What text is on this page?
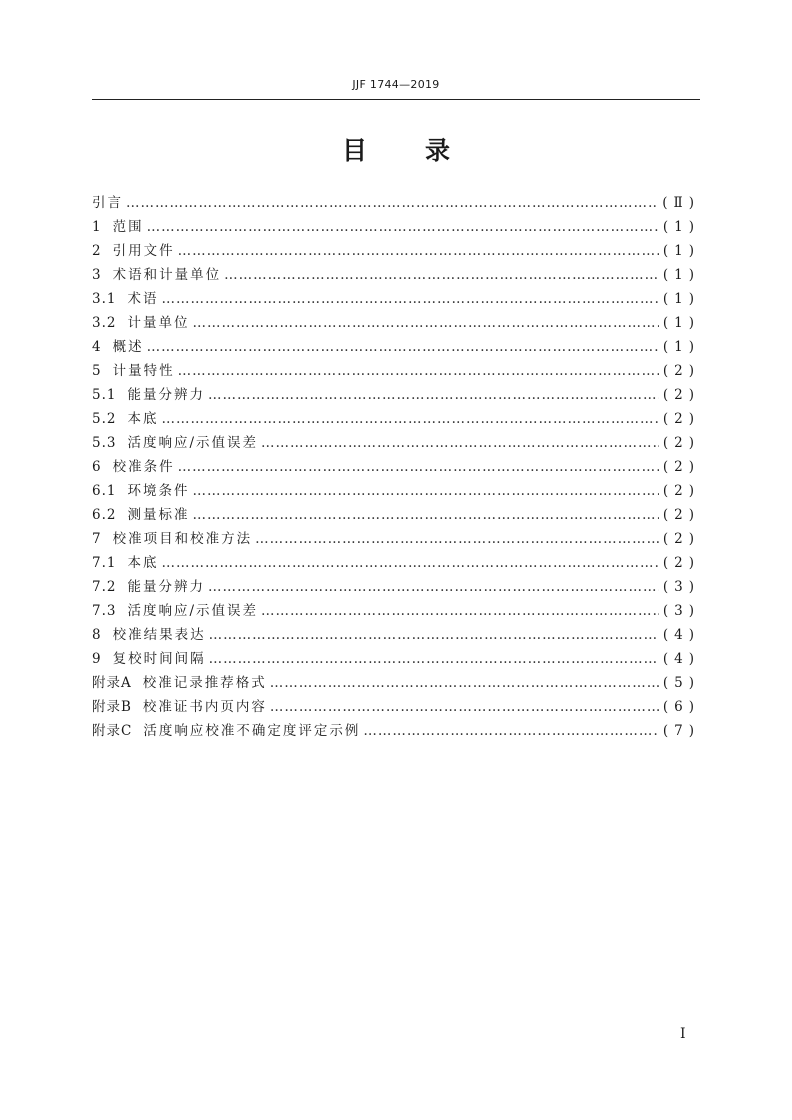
JJF 1744—2019
目 录
引言 ……………………………………………………………………………………………………………………………………………………………………………………………………………………………………………………………………………	(Ⅱ)
1 范围 ……………………………………………………………………………………………………………………………………………………………………………………………………………………………………………………………………………	(1)
2 引用文件 ……………………………………………………………………………………………………………………………………………………………………………………………………………………………………………………………………………	(1)
3 术语和计量单位 ……………………………………………………………………………………………………………………………………………………………………………………………………………………………………………………………………………	(1)
3.1 术语 ……………………………………………………………………………………………………………………………………………………………………………………………………………………………………………………………………………	(1)
3.2 计量单位 ……………………………………………………………………………………………………………………………………………………………………………………………………………………………………………………………………………	(1)
4 概述 ……………………………………………………………………………………………………………………………………………………………………………………………………………………………………………………………………………	(1)
5 计量特性 ……………………………………………………………………………………………………………………………………………………………………………………………………………………………………………………………………………	(2)
5.1 能量分辨力 ……………………………………………………………………………………………………………………………………………………………………………………………………………………………………………………………………………	(2)
5.2 本底 ……………………………………………………………………………………………………………………………………………………………………………………………………………………………………………………………………………	(2)
5.3 活度响应/示值误差 ……………………………………………………………………………………………………………………………………………………………………………………………………………………………………………………………………………	(2)
6 校准条件 ……………………………………………………………………………………………………………………………………………………………………………………………………………………………………………………………………………	(2)
6.1 环境条件 ……………………………………………………………………………………………………………………………………………………………………………………………………………………………………………………………………………	(2)
6.2 测量标准 ……………………………………………………………………………………………………………………………………………………………………………………………………………………………………………………………………………	(2)
7 校准项目和校准方法 ……………………………………………………………………………………………………………………………………………………………………………………………………………………………………………………………………………	(2)
7.1 本底 ……………………………………………………………………………………………………………………………………………………………………………………………………………………………………………………………………………	(2)
7.2 能量分辨力 ……………………………………………………………………………………………………………………………………………………………………………………………………………………………………………………………………………	(3)
7.3 活度响应/示值误差 ……………………………………………………………………………………………………………………………………………………………………………………………………………………………………………………………………………	(3)
8 校准结果表达 ……………………………………………………………………………………………………………………………………………………………………………………………………………………………………………………………………………	(4)
9 复校时间间隔 ……………………………………………………………………………………………………………………………………………………………………………………………………………………………………………………………………………	(4)
附录A 校准记录推荐格式 ……………………………………………………………………………………………………………………………………………………………………………………………………………………………………………………………………………	(5)
附录B 校准证书内页内容 ……………………………………………………………………………………………………………………………………………………………………………………………………………………………………………………………………………	(6)
附录C 活度响应校准不确定度评定示例 ……………………………………………………………………………………………………………………………………………………………………………………………………………………………………………………………………………	(7)
I
